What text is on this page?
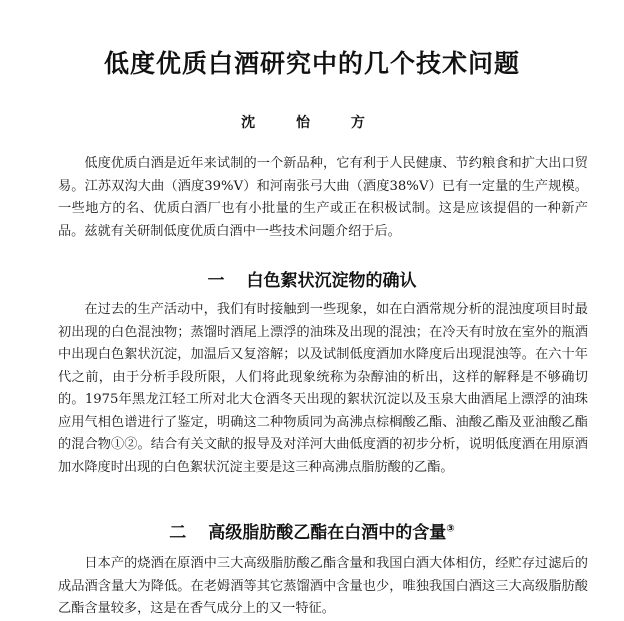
低度优质白酒研究中的几个技术问题
沈 怡 方

低度优质白酒是近年来试制的一个新品种，它有利于人民健康、节约粮食和扩大出口贸易。江苏双沟大曲（酒度39%Ⅴ）和河南张弓大曲（酒度38%Ⅴ）已有一定量的生产规模。一些地方的名、优质白酒厂也有小批量的生产或正在积极试制。这是应该提倡的一种新产品。兹就有关研制低度优质白酒中一些技术问题介绍于后。

一 白色絮状沉淀物的确认

在过去的生产活动中，我们有时接触到一些现象，如在白酒常规分析的混浊度项目时最初出现的白色混浊物；蒸馏时酒尾上漂浮的油珠及出现的混浊；在冷天有时放在室外的瓶酒中出现白色絮状沉淀，加温后又复溶解；以及试制低度酒加水降度后出现混浊等。在六十年代之前，由于分析手段所限，人们将此现象统称为杂醇油的析出，这样的解释是不够确切的。1975年黑龙江轻工所对北大仓酒冬天出现的絮状沉淀以及玉泉大曲酒尾上漂浮的油珠应用气相色谱进行了鉴定，明确这二种物质同为高沸点棕榈酸乙酯、油酸乙酯及亚油酸乙酯的混合物①②。结合有关文献的报导及对洋河大曲低度酒的初步分析，说明低度酒在用原酒加水降度时出现的白色絮状沉淀主要是这三种高沸点脂肪酸的乙酯。

二 高级脂肪酸乙酯在白酒中的含量③

日本产的烧酒在原酒中三大高级脂肪酸乙酯含量和我国白酒大体相仿，经贮存过滤后的成品酒含量大为降低。在老姆酒等其它蒸馏酒中含量也少，唯独我国白酒这三大高级脂肪酸乙酯含量较多，这是在香气成分上的又一特征。
